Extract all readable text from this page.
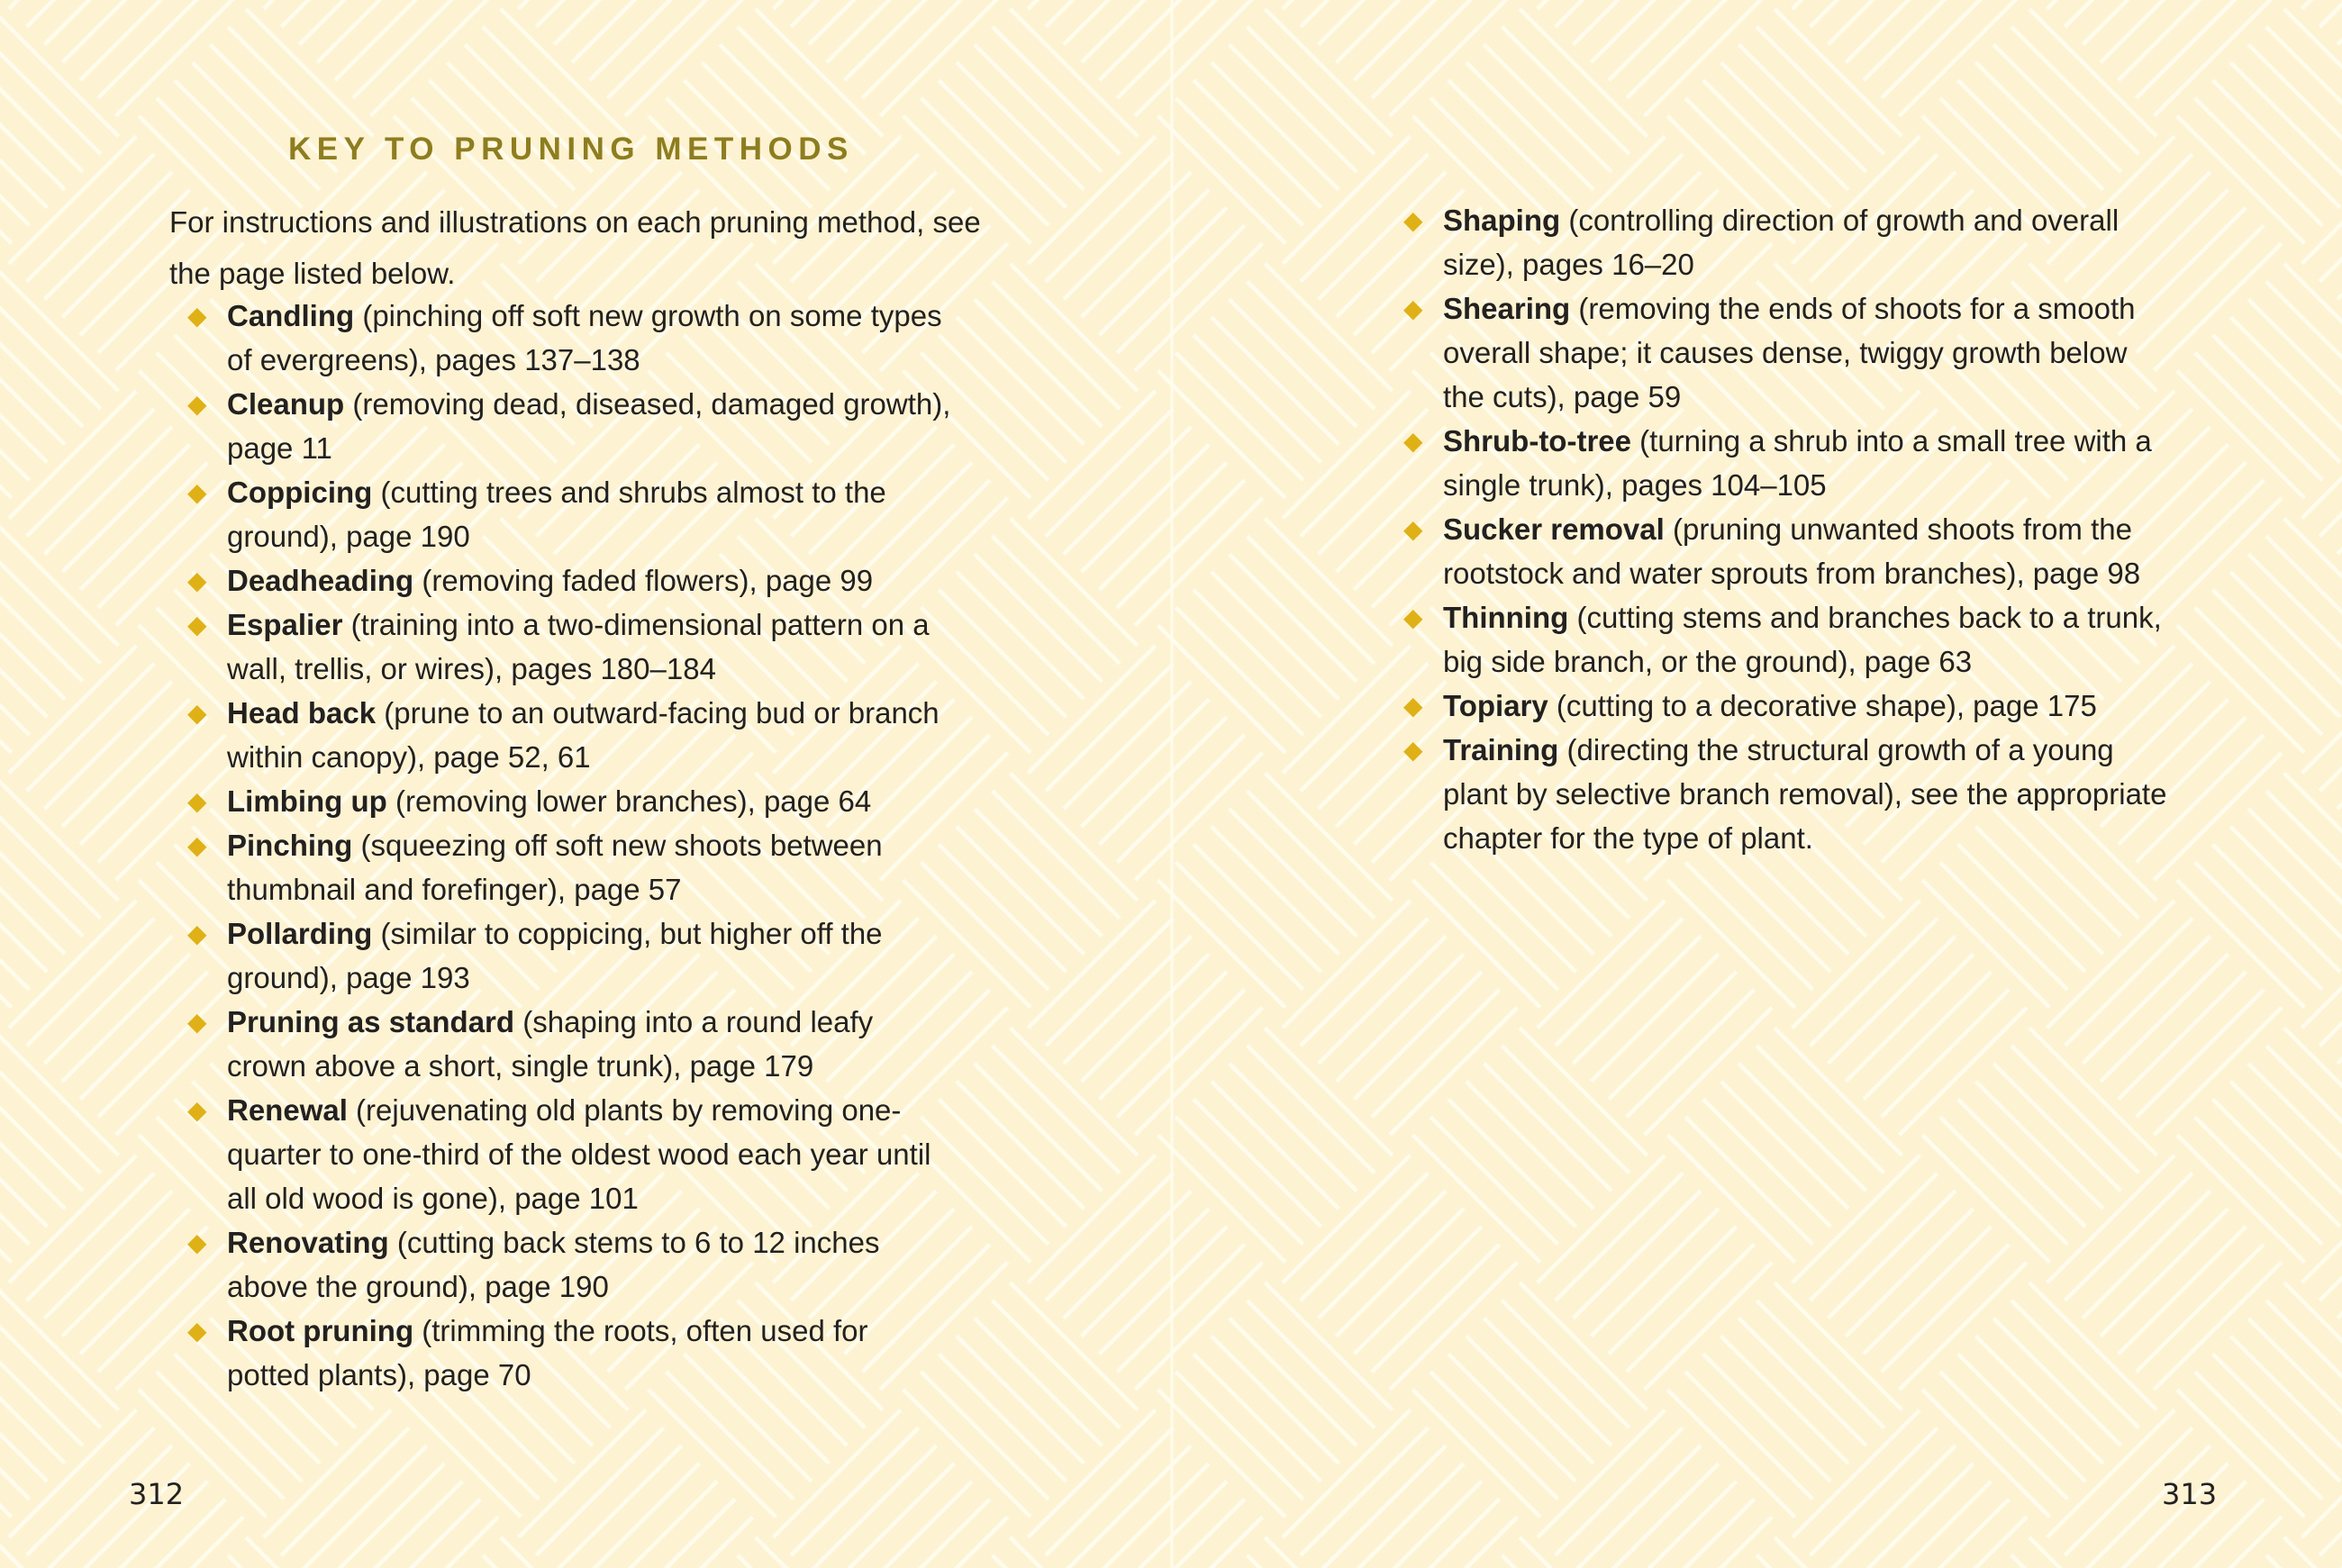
KEY TO PRUNING METHODS

For instructions and illustrations on each pruning method, see the page listed below.

◆ Candling (pinching off soft new growth on some types of evergreens), pages 137–138
◆ Cleanup (removing dead, diseased, damaged growth), page 11
◆ Coppicing (cutting trees and shrubs almost to the ground), page 190
◆ Deadheading (removing faded flowers), page 99
◆ Espalier (training into a two-dimensional pattern on a wall, trellis, or wires), pages 180–184
◆ Head back (prune to an outward-facing bud or branch within canopy), page 52, 61
◆ Limbing up (removing lower branches), page 64
◆ Pinching (squeezing off soft new shoots between thumbnail and forefinger), page 57
◆ Pollarding (similar to coppicing, but higher off the ground), page 193
◆ Pruning as standard (shaping into a round leafy crown above a short, single trunk), page 179
◆ Renewal (rejuvenating old plants by removing one-quarter to one-third of the oldest wood each year until all old wood is gone), page 101
◆ Renovating (cutting back stems to 6 to 12 inches above the ground), page 190
◆ Root pruning (trimming the roots, often used for potted plants), page 70
312
◆ Shaping (controlling direction of growth and overall size), pages 16–20
◆ Shearing (removing the ends of shoots for a smooth overall shape; it causes dense, twiggy growth below the cuts), page 59
◆ Shrub-to-tree (turning a shrub into a small tree with a single trunk), pages 104–105
◆ Sucker removal (pruning unwanted shoots from the rootstock and water sprouts from branches), page 98
◆ Thinning (cutting stems and branches back to a trunk, big side branch, or the ground), page 63
◆ Topiary (cutting to a decorative shape), page 175
◆ Training (directing the structural growth of a young plant by selective branch removal), see the appropriate chapter for the type of plant.
313
